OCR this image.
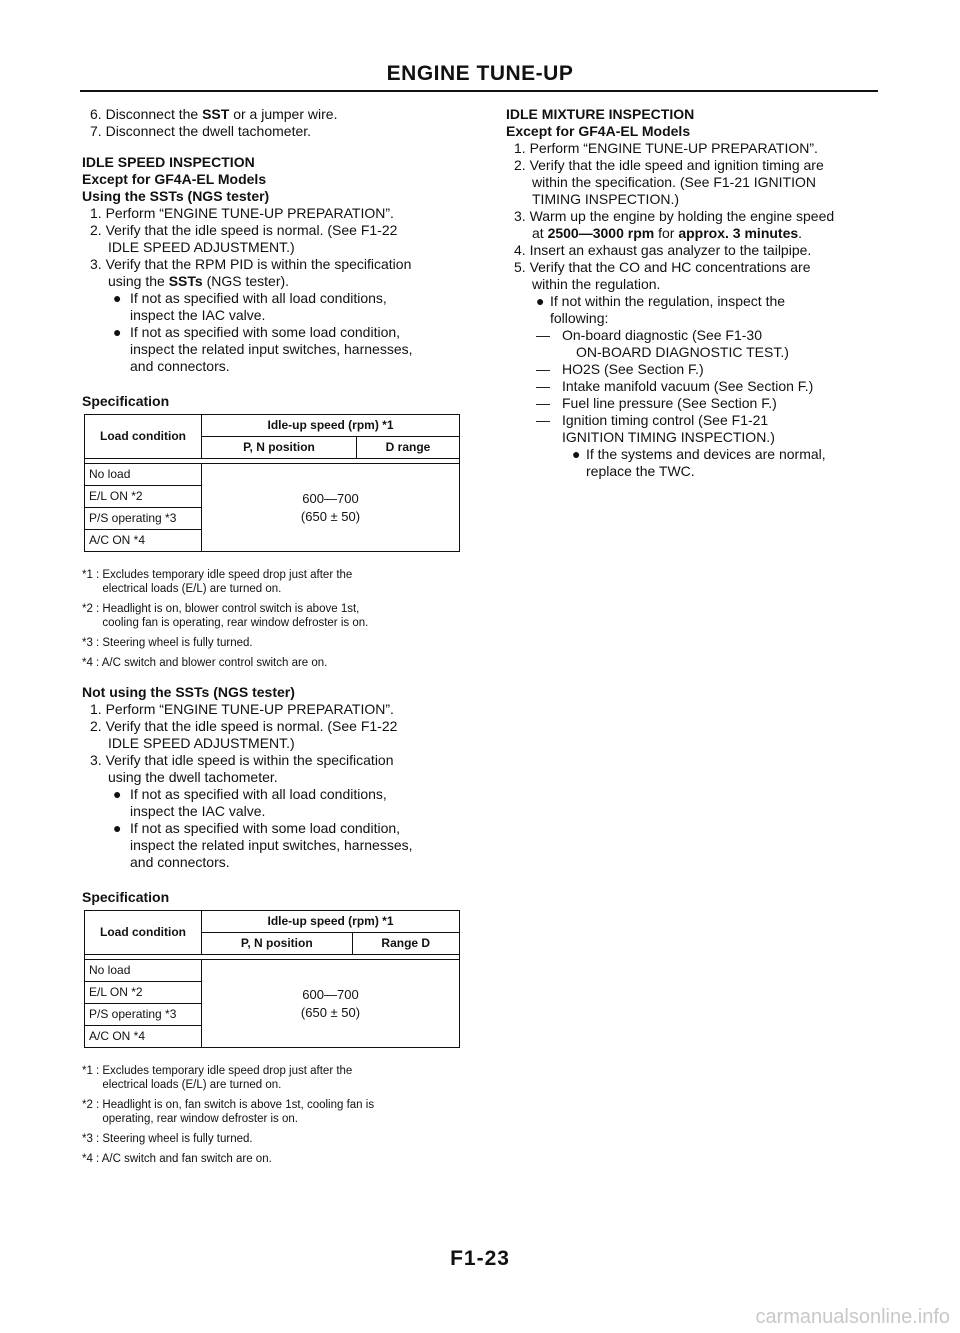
ENGINE TUNE-UP

6. Disconnect the SST or a jumper wire.

7. Disconnect the dwell tachometer.

IDLE SPEED INSPECTION

Except for GF4A-EL Models

Using the SSTs (NGS tester)

1. Perform “ENGINE TUNE-UP PREPARATION”.

2. Verify that the idle speed is normal. (See F1-22

IDLE SPEED ADJUSTMENT.)

3. Verify that the RPM PID is within the specification

using the SSTs (NGS tester).

● If not as specified with all load conditions,
inspect the IAC valve.
● If not as specified with some load condition,
inspect the related input switches, harnesses,
and connectors.

Specification

Load condition	Idle-up speed (rpm) *1	
	P, N position	D range

No load	600—700
(650 ± 50)	
E/L ON *2		
P/S operating *3		
A/C ON *4		
*1 : Excludes temporary idle speed drop just after the
electrical loads (E/L) are turned on.
*2 : Headlight is on, blower control switch is above 1st,
cooling fan is operating, rear window defroster is on.
*3 : Steering wheel is fully turned.
*4 : A/C switch and blower control switch are on.

Not using the SSTs (NGS tester)

1. Perform “ENGINE TUNE-UP PREPARATION”.

2. Verify that the idle speed is normal. (See F1-22

IDLE SPEED ADJUSTMENT.)

3. Verify that idle speed is within the specification

using the dwell tachometer.

● If not as specified with all load conditions,
inspect the IAC valve.
● If not as specified with some load condition,
inspect the related input switches, harnesses,
and connectors.

Specification

Load condition	Idle-up speed (rpm) *1	
	P, N position	Range D

No load	600—700
(650 ± 50)	
E/L ON *2		
P/S operating *3		
A/C ON *4		
*1 : Excludes temporary idle speed drop just after the
electrical loads (E/L) are turned on.
*2 : Headlight is on, fan switch is above 1st, cooling fan is
operating, rear window defroster is on.
*3 : Steering wheel is fully turned.
*4 : A/C switch and fan switch are on.

IDLE MIXTURE INSPECTION

Except for GF4A-EL Models

1. Perform “ENGINE TUNE-UP PREPARATION”.

2. Verify that the idle speed and ignition timing are

within the specification. (See F1-21 IGNITION

TIMING INSPECTION.)

3. Warm up the engine by holding the engine speed

at 2500—3000 rpm for approx. 3 minutes.

4. Insert an exhaust gas analyzer to the tailpipe.

5. Verify that the CO and HC concentrations are

within the regulation.

● If not within the regulation, inspect the
following:
— On-board diagnostic (See F1-30
ON-BOARD DIAGNOSTIC TEST.)
— HO2S (See Section F.)
— Intake manifold vacuum (See Section F.)
— Fuel line pressure (See Section F.)
— Ignition timing control (See F1-21
IGNITION TIMING INSPECTION.)
● If the systems and devices are normal,
replace the TWC.
F1-23
carmanualsonline.info
